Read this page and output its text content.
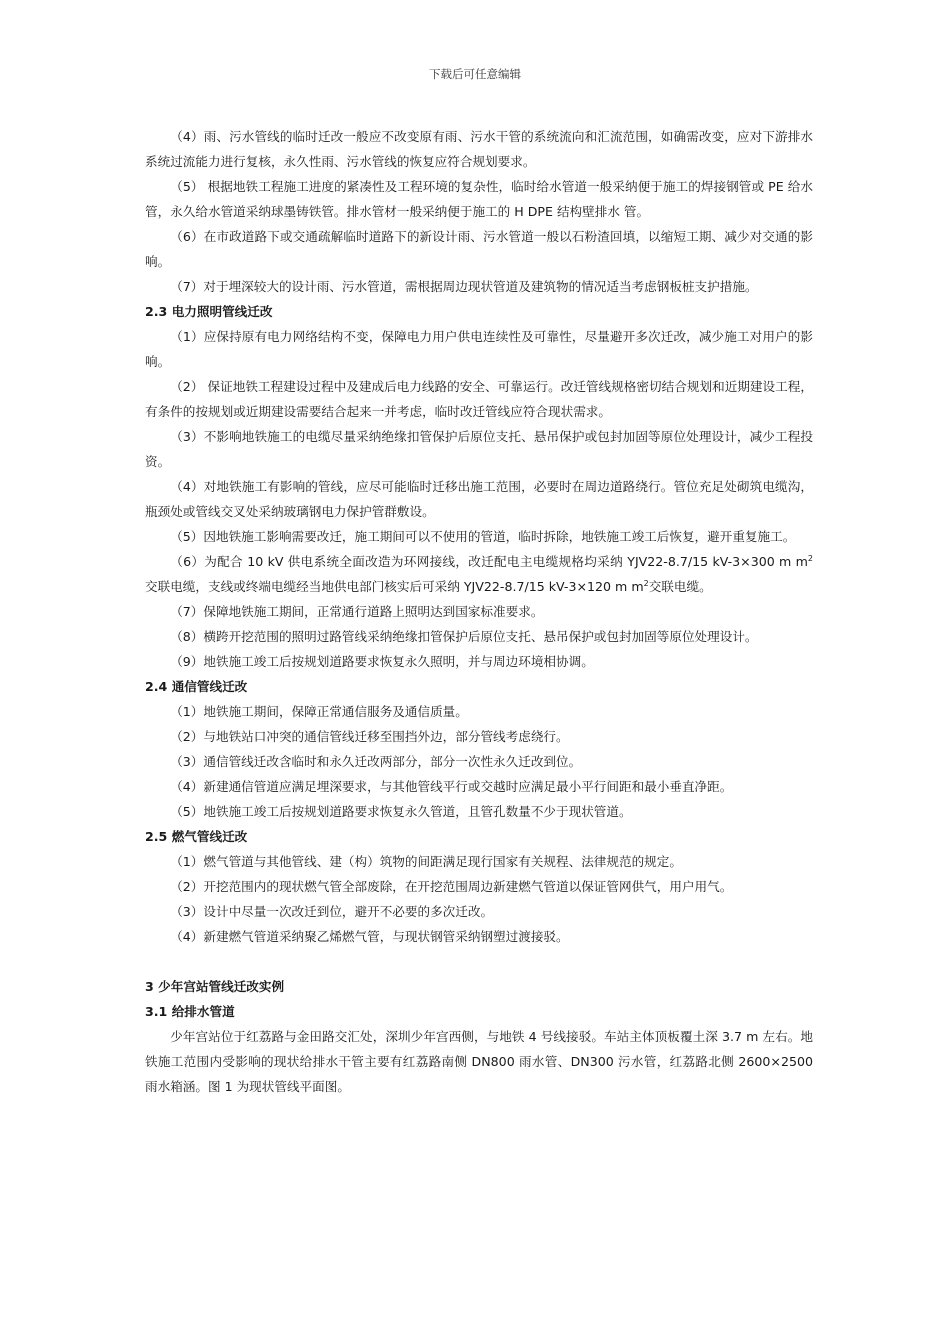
下载后可任意编辑

（4）雨、污水管线的临时迁改一般应不改变原有雨、污水干管的系统流向和汇流范围，如确需改变，应对下游排水系统过流能力进行复核，永久性雨、污水管线的恢复应符合规划要求。

（5） 根据地铁工程施工进度的紧凑性及工程环境的复杂性，临时给水管道一般采纳便于施工的焊接钢管或 PE 给水管，永久给水管道采纳球墨铸铁管。排水管材一般采纳便于施工的 H DPE 结构壁排水 管。

（6）在市政道路下或交通疏解临时道路下的新设计雨、污水管道一般以石粉渣回填，以缩短工期、减少对交通的影响。

（7）对于埋深较大的设计雨、污水管道，需根据周边现状管道及建筑物的情况适当考虑钢板桩支护措施。

2.3 电力照明管线迁改

（1）应保持原有电力网络结构不变，保障电力用户供电连续性及可靠性，尽量避开多次迁改，减少施工对用户的影响。

（2） 保证地铁工程建设过程中及建成后电力线路的安全、可靠运行。改迁管线规格密切结合规划和近期建设工程，有条件的按规划或近期建设需要结合起来一并考虑，临时改迁管线应符合现状需求。

（3）不影响地铁施工的电缆尽量采纳绝缘扣管保护后原位支托、悬吊保护或包封加固等原位处理设计，减少工程投资。

（4）对地铁施工有影响的管线，应尽可能临时迁移出施工范围，必要时在周边道路绕行。管位充足处砌筑电缆沟，瓶颈处或管线交叉处采纳玻璃钢电力保护管群敷设。

（5）因地铁施工影响需要改迁，施工期间可以不使用的管道，临时拆除，地铁施工竣工后恢复，避开重复施工。

（6）为配合 10 kV 供电系统全面改造为环网接线，改迁配电主电缆规格均采纳 YJV22-8.7/15 kV-3×300 m $m^2$交联电缆，支线或终端电缆经当地供电部门核实后可采纳 YJV22-8.7/15 kV-3×120 m $m^2$交联电缆。

（7）保障地铁施工期间，正常通行道路上照明达到国家标准要求。

（8）横跨开挖范围的照明过路管线采纳绝缘扣管保护后原位支托、悬吊保护或包封加固等原位处理设计。

（9）地铁施工竣工后按规划道路要求恢复永久照明，并与周边环境相协调。

2.4 通信管线迁改

（1）地铁施工期间，保障正常通信服务及通信质量。

（2）与地铁站口冲突的通信管线迁移至围挡外边，部分管线考虑绕行。

（3）通信管线迁改含临时和永久迁改两部分，部分一次性永久迁改到位。

（4）新建通信管道应满足埋深要求，与其他管线平行或交越时应满足最小平行间距和最小垂直净距。

（5）地铁施工竣工后按规划道路要求恢复永久管道，且管孔数量不少于现状管道。

2.5 燃气管线迁改

（1）燃气管道与其他管线、建（构）筑物的间距满足现行国家有关规程、法律规范的规定。

（2）开挖范围内的现状燃气管全部废除，在开挖范围周边新建燃气管道以保证管网供气，用户用气。

（3）设计中尽量一次改迁到位，避开不必要的多次迁改。

（4）新建燃气管道采纳聚乙烯燃气管，与现状钢管采纳钢塑过渡接驳。

3 少年宫站管线迁改实例

3.1 给排水管道

少年宫站位于红荔路与金田路交汇处，深圳少年宫西侧，与地铁 4 号线接驳。车站主体顶板覆土深 3.7 m 左右。地铁施工范围内受影响的现状给排水干管主要有红荔路南侧 DN800 雨水管、DN300 污水管，红荔路北侧 2600×2500 雨水箱涵。图 1 为现状管线平面图。
